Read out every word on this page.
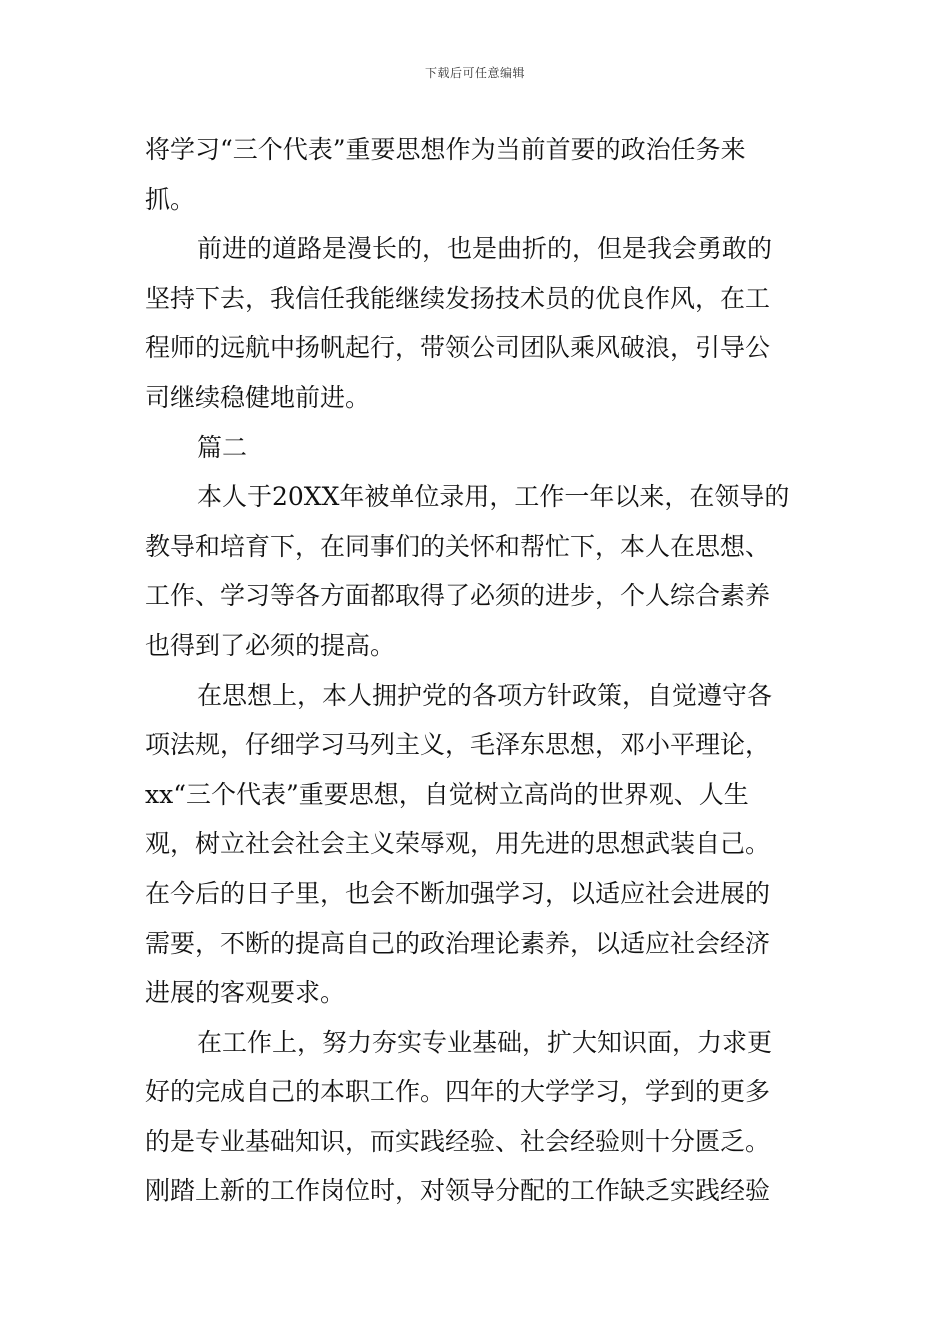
下载后可任意编辑
将学习“三个代表”重要思想作为当前首要的政治任务来
抓。
前进的道路是漫长的，也是曲折的，但是我会勇敢的
坚持下去，我信任我能继续发扬技术员的优良作风，在工
程师的远航中扬帆起行，带领公司团队乘风破浪，引导公
司继续稳健地前进。
篇二
本人于20XX年被单位录用，工作一年以来，在领导的
教导和培育下，在同事们的关怀和帮忙下，本人在思想、
工作、学习等各方面都取得了必须的进步，个人综合素养
也得到了必须的提高。
在思想上，本人拥护党的各项方针政策，自觉遵守各
项法规，仔细学习马列主义，毛泽东思想，邓小平理论，
xx“三个代表”重要思想，自觉树立高尚的世界观、人生
观，树立社会社会主义荣辱观，用先进的思想武装自己。
在今后的日子里，也会不断加强学习，以适应社会进展的
需要，不断的提高自己的政治理论素养，以适应社会经济
进展的客观要求。
在工作上，努力夯实专业基础，扩大知识面，力求更
好的完成自己的本职工作。四年的大学学习，学到的更多
的是专业基础知识，而实践经验、社会经验则十分匮乏。
刚踏上新的工作岗位时，对领导分配的工作缺乏实践经验
